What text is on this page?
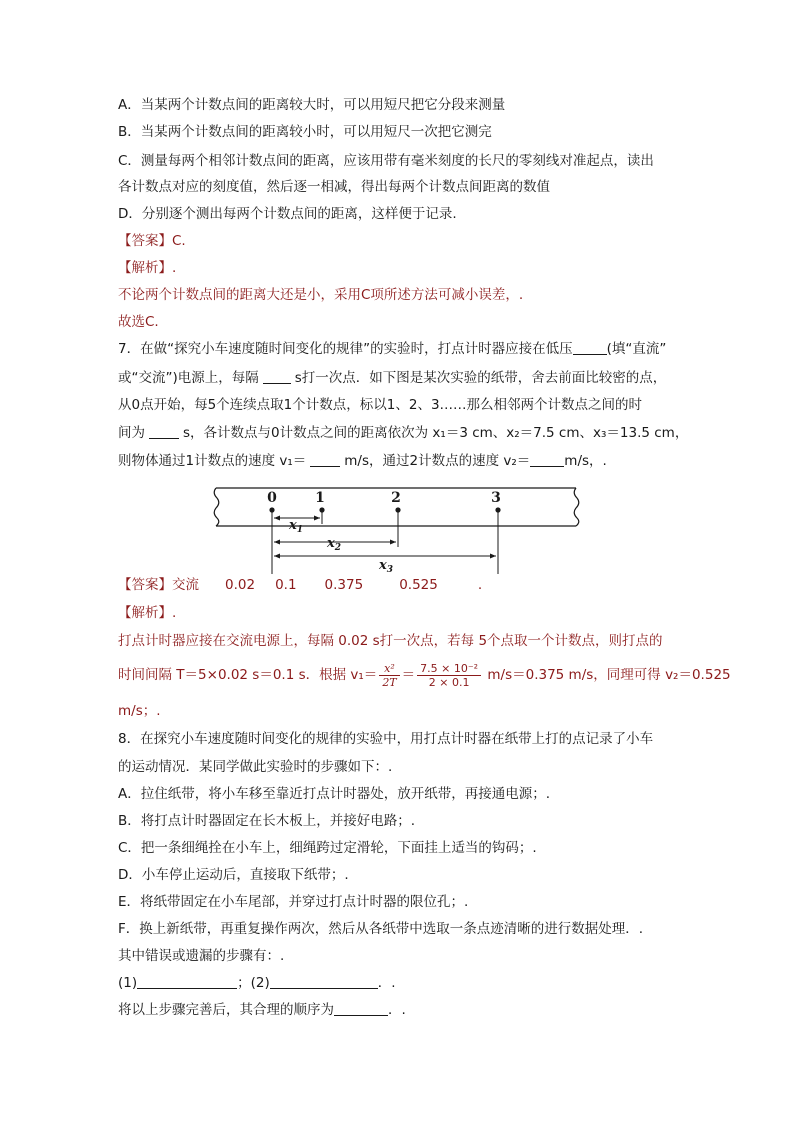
A．当某两个计数点间的距离较大时，可以用短尺把它分段来测量
B．当某两个计数点间的距离较小时，可以用短尺一次把它测完
C．测量每两个相邻计数点间的距离，应该用带有毫米刻度的长尺的零刻线对准起点，读出
各计数点对应的刻度值，然后逐一相减，得出每两个计数点间距离的数值
D．分别逐个测出每两个计数点间的距离，这样便于记录.
【答案】C.
【解析】.
不论两个计数点间的距离大还是小，采用C项所述方法可减小误差，.
故选C.
7．在做“探究小车速度随时间变化的规律”的实验时，打点计时器应接在低压	(填“直流”
或“交流”)电源上，每隔	s打一次点．如下图是某次实验的纸带，舍去前面比较密的点，
从0点开始，每5个连续点取1个计数点，标以1、2、3……那么相邻两个计数点之间的时
间为	s，各计数点与0计数点之间的距离依次为 x₁＝3 cm、x₂＝7.5 cm、x₃＝13.5 cm，
则物体通过1计数点的速度 v₁＝	m/s，通过2计数点的速度 v₂＝	m/s，.
0	1	2	3
$x_1$
$x_2$
$x_3$
【答案】交流 0.02 0.1 0.375	0.525	.
【解析】.
打点计时器应接在交流电源上，每隔 0.02 s打一次点，若每 5个点取一个计数点，则打点的
时间间隔 T＝5×0.02 s＝0.1 s．根据 $v_1= \frac{\text{x²}}{2T} = \frac{\text{7.5 × 10⁻²}}{2 \times 0.1} m/s=0.375$ m/s，同理可得 v₂＝0.525
m/s；.
8．在探究小车速度随时间变化的规律的实验中，用打点计时器在纸带上打的点记录了小车
的运动情况．某同学做此实验时的步骤如下：.
A．拉住纸带，将小车移至靠近打点计时器处，放开纸带，再接通电源；.
B．将打点计时器固定在长木板上，并接好电路；.
C．把一条细绳拴在小车上，细绳跨过定滑轮，下面挂上适当的钩码；.
D．小车停止运动后，直接取下纸带；.
E．将纸带固定在小车尾部，并穿过打点计时器的限位孔；.
F．换上新纸带，再重复操作两次，然后从各纸带中选取一条点迹清晰的进行数据处理．.
其中错误或遗漏的步骤有：.
(1)	；(2)	．.
将以上步骤完善后，其合理的顺序为	．.
